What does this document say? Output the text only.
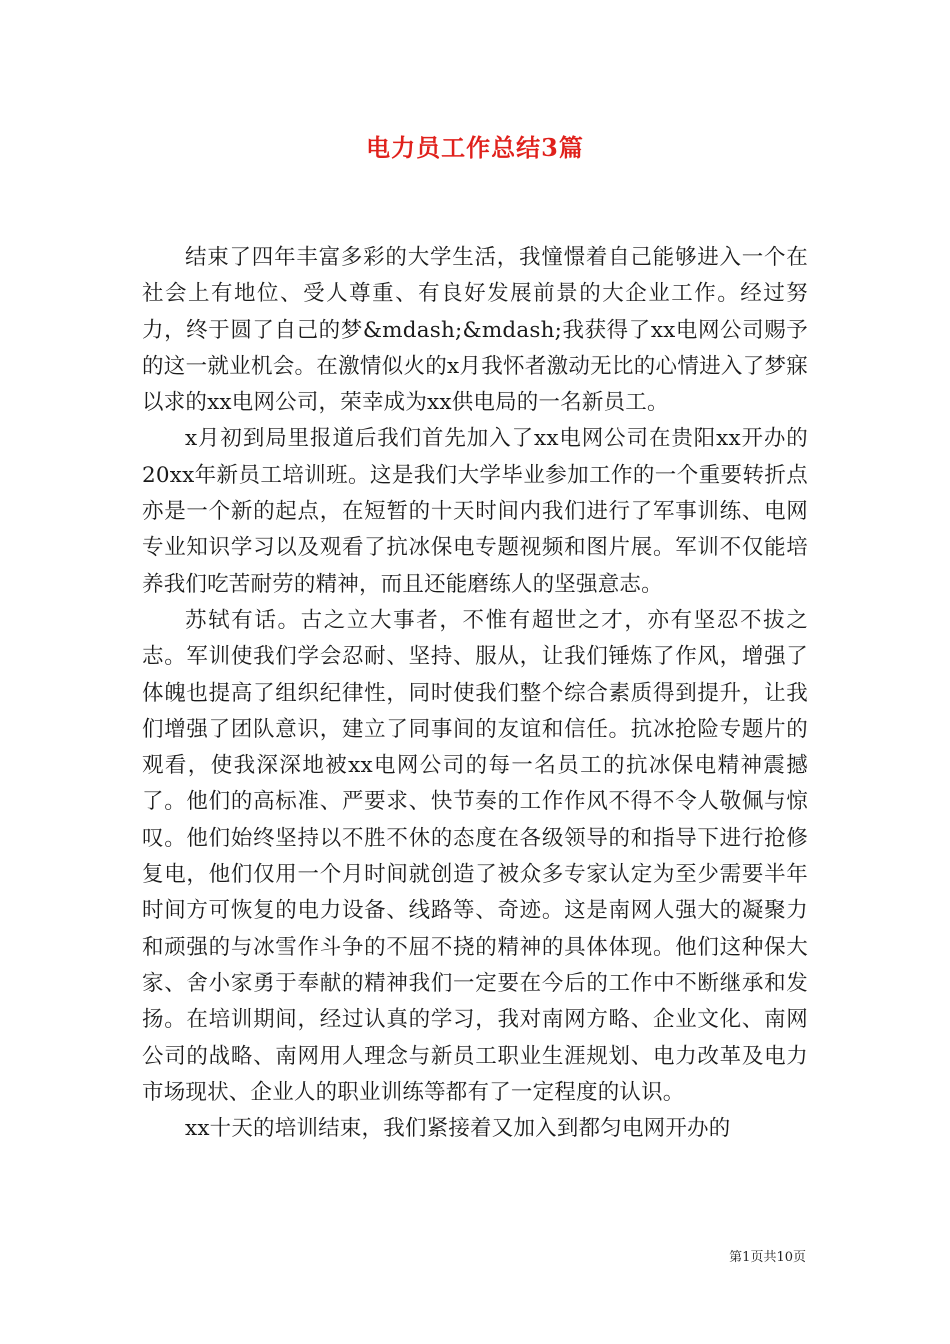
电力员工作总结3篇

结束了四年丰富多彩的大学生活，我憧憬着自己能够进入一个在社会上有地位、受人尊重、有良好发展前景的大企业工作。经过努力，终于圆了自己的梦&mdash;&mdash;我获得了xx电网公司赐予的这一就业机会。在激情似火的x月我怀者激动无比的心情进入了梦寐以求的xx电网公司，荣幸成为xx供电局的一名新员工。

x月初到局里报道后我们首先加入了xx电网公司在贵阳xx开办的20xx年新员工培训班。这是我们大学毕业参加工作的一个重要转折点亦是一个新的起点，在短暂的十天时间内我们进行了军事训练、电网专业知识学习以及观看了抗冰保电专题视频和图片展。军训不仅能培养我们吃苦耐劳的精神，而且还能磨练人的坚强意志。

苏轼有话。古之立大事者，不惟有超世之才，亦有坚忍不拔之志。军训使我们学会忍耐、坚持、服从，让我们锤炼了作风，增强了体魄也提高了组织纪律性，同时使我们整个综合素质得到提升，让我们增强了团队意识，建立了同事间的友谊和信任。抗冰抢险专题片的观看，使我深深地被xx电网公司的每一名员工的抗冰保电精神震撼了。他们的高标准、严要求、快节奏的工作作风不得不令人敬佩与惊叹。他们始终坚持以不胜不休的态度在各级领导的和指导下进行抢修复电，他们仅用一个月时间就创造了被众多专家认定为至少需要半年时间方可恢复的电力设备、线路等、奇迹。这是南网人强大的凝聚力和顽强的与冰雪作斗争的不屈不挠的精神的具体体现。他们这种保大家、舍小家勇于奉献的精神我们一定要在今后的工作中不断继承和发扬。在培训期间，经过认真的学习，我对南网方略、企业文化、南网公司的战略、南网用人理念与新员工职业生涯规划、电力改革及电力市场现状、企业人的职业训练等都有了一定程度的认识。

xx十天的培训结束，我们紧接着又加入到都匀电网开办的

第1页共10页
